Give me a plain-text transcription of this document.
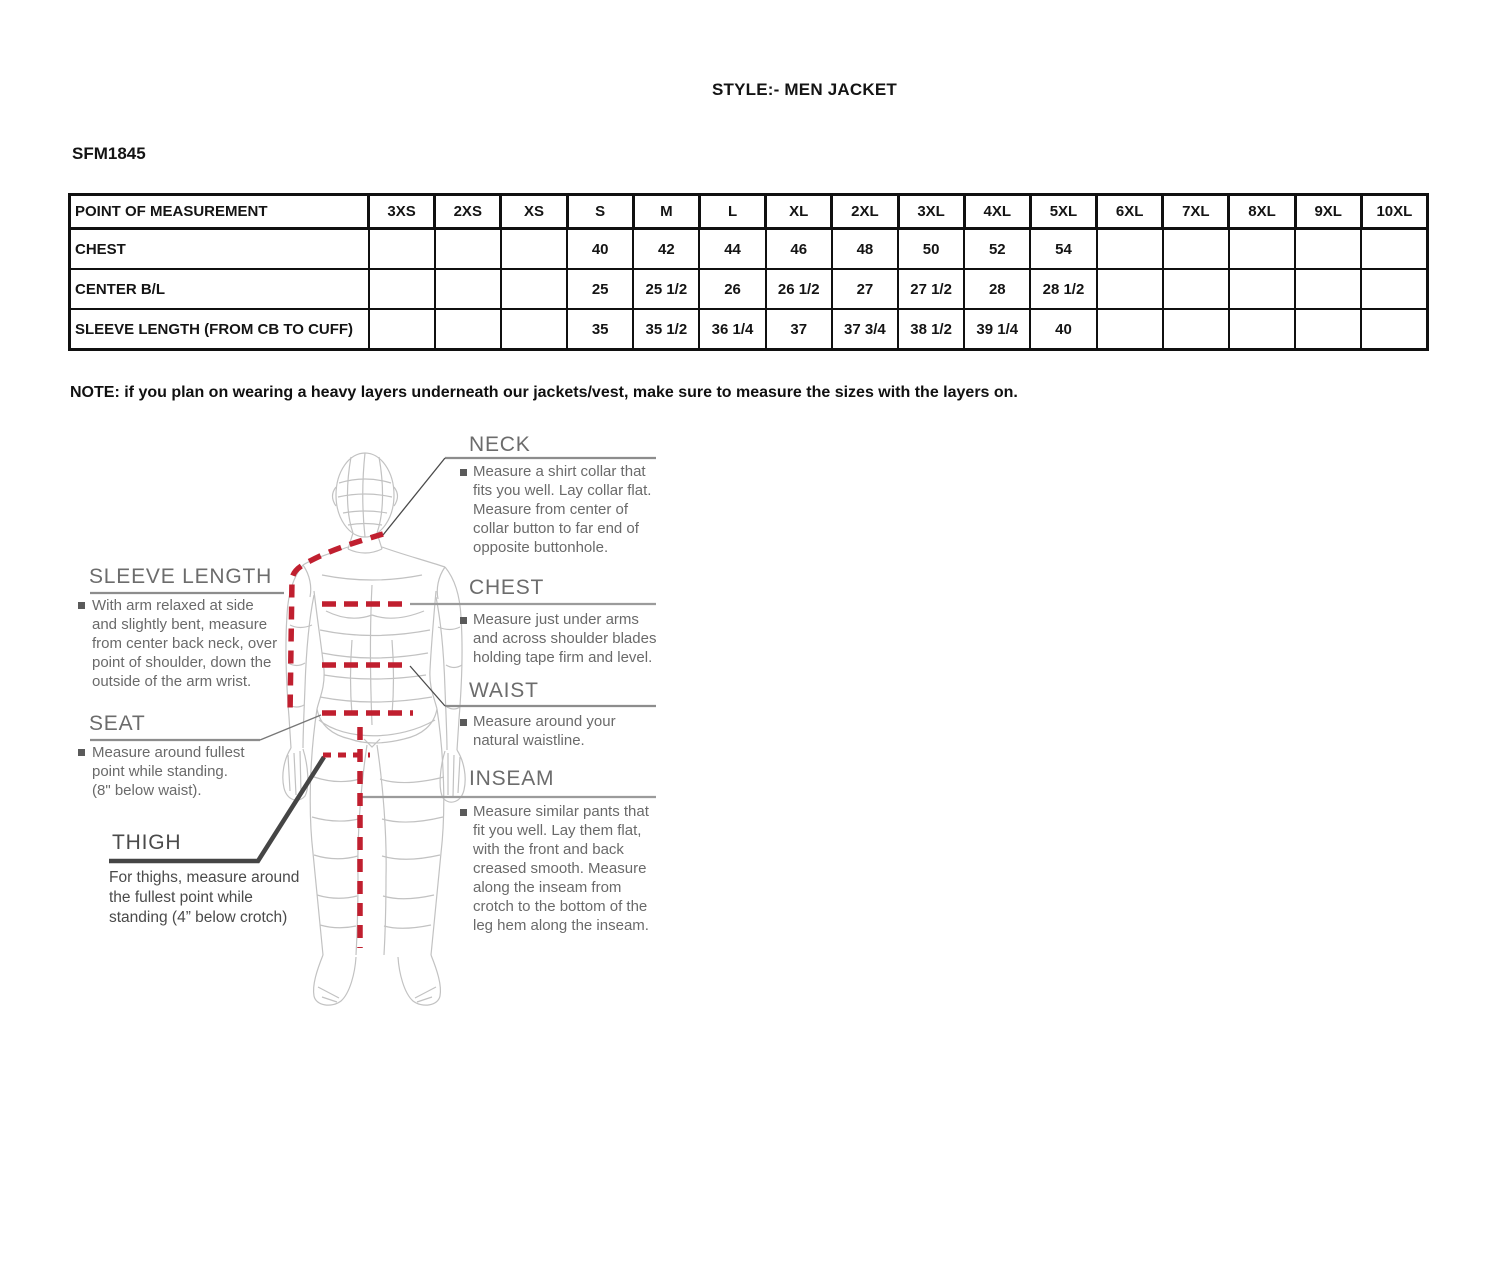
STYLE:- MEN JACKET
SFM1845
POINT OF MEASUREMENT	3XS	2XS	XS	S	M	L	XL	2XL	3XL	4XL	5XL	6XL	7XL	8XL	9XL	10XL
CHEST				40	42	44	46	48	50	52	54					
CENTER B/L				25	25 1/2	26	26 1/2	27	27 1/2	28	28 1/2					
SLEEVE LENGTH (FROM CB TO CUFF)				35	35 1/2	36 1/4	37	37 3/4	38 1/2	39 1/4	40					
NOTE: if you plan on wearing a heavy layers underneath our jackets/vest, make sure to measure the sizes with the layers on.
NECK
Measure a shirt collar that
fits you well. Lay collar flat.
Measure from center of
collar button to far end of
opposite buttonhole.
CHEST
Measure just under arms
and across shoulder blades
holding tape firm and level.
WAIST
Measure around your
natural waistline.
INSEAM
Measure similar pants that
fit you well. Lay them flat,
with the front and back
creased smooth. Measure
along the inseam from
crotch to the bottom of the
leg hem along the inseam.
SLEEVE LENGTH
With arm relaxed at side
and slightly bent, measure
from center back neck, over
point of shoulder, down the
outside of the arm wrist.
SEAT
Measure around fullest
point while standing.
(8" below waist).
THIGH
For thighs, measure around
the fullest point while
standing (4” below crotch)
